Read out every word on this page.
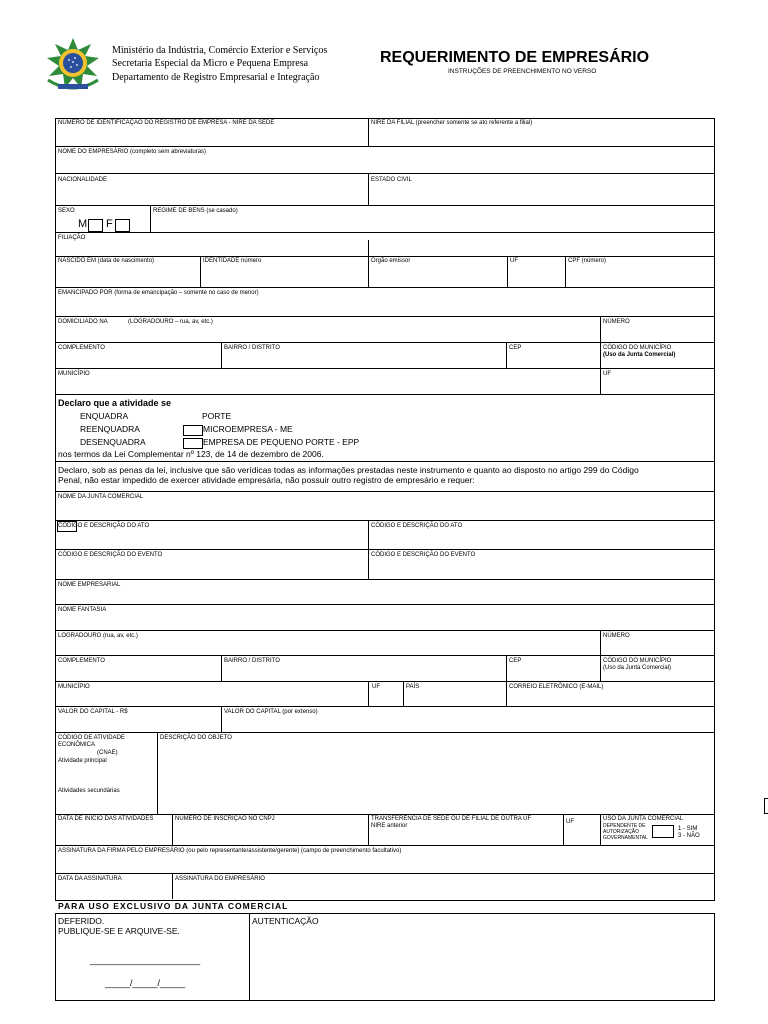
Ministério da Indústria, Comércio Exterior e Serviços
Secretaria Especial da Micro e Pequena Empresa
Departamento de Registro Empresarial e Integração
REQUERIMENTO DE EMPRESÁRIO
INSTRUÇÕES DE PREENCHIMENTO NO VERSO
NÚMERO DE IDENTIFICAÇÃO DO REGISTRO DE EMPRESA - NIRE DA SEDE	NIRE DA FILIAL (preencher somente se ato referente a filial)
NOME DO EMPRESÁRIO (completo sem abreviaturas)
NACIONALIDADE	ESTADO CIVIL
SEXO	REGIME DE BENS (se casado)
M F
FILIAÇÃO
NASCIDO EM (data de nascimento)	IDENTIDADE número	Órgão emissor	UF	CPF (número)
EMANCIPADO POR (forma de emancipação – somente no caso de menor)
DOMICILIADO NA	(LOGRADOURO – rua, av, etc.)	NÚMERO
COMPLEMENTO	BAIRRO / DISTRITO	CEP	CÓDIGO DO MUNICÍPIO
(Uso da Junta Comercial)
MUNICÍPIO	UF
Declaro que a atividade se
ENQUADRA
REENQUADRA
DESENQUADRA
PORTE
MICROEMPRESA - ME
EMPRESA DE PEQUENO PORTE - EPP
nos termos da Lei Complementar nº 123, de 14 de dezembro de 2006.
Declaro, sob as penas da lei, inclusive que são verídicas todas as informações prestadas neste instrumento e quanto ao disposto no artigo 299 do Código
Penal, não estar impedido de exercer atividade empresária, não possuir outro registro de empresário e requer:
NOME DA JUNTA COMERCIAL
CÓDIGO E DESCRIÇÃO DO ATO	CÓDIGO E DESCRIÇÃO DO ATO
CÓDIGO E DESCRIÇÃO DO EVENTO	CÓDIGO E DESCRIÇÃO DO EVENTO
NOME EMPRESARIAL
NOME FANTASIA
LOGRADOURO (rua, av, etc.)	NÚMERO
COMPLEMENTO	BAIRRO / DISTRITO	CEP	CÓDIGO DO MUNICÍPIO
(Uso da Junta Comercial)
MUNICÍPIO	UF	PAÍS	CORREIO ELETRÔNICO (E-MAIL)
VALOR DO CAPITAL - R$	VALOR DO CAPITAL (por extenso)
CÓDIGO DE ATIVIDADE
ECONÔMICA
(CNAE)
Atividade principal
Atividades secundárias
DESCRIÇÃO DO OBJETO
DATA DE INÍCIO DAS ATIVIDADES	NÚMERO DE INSCRIÇÃO NO CNPJ	TRANSFERÊNCIA DE SEDE OU DE FILIAL DE OUTRA UF
NIRE anterior
UF	USO DA JUNTA COMERCIAL
DEPENDENTE DE
AUTORIZAÇÃO
GOVERNAMENTAL
1 - SIM
3 - NÃO
ASSINATURA DA FIRMA PELO EMPRESÁRIO (ou pelo representante/assistente/gerente) (campo de preenchimento facultativo)
DATA DA ASSINATURA	ASSINATURA DO EMPRESÁRIO
PARA USO EXCLUSIVO DA JUNTA COMERCIAL
DEFERIDO.
PUBLIQUE-SE E ARQUIVE-SE.
______________________
_____/_____/_____
AUTENTICAÇÃO
